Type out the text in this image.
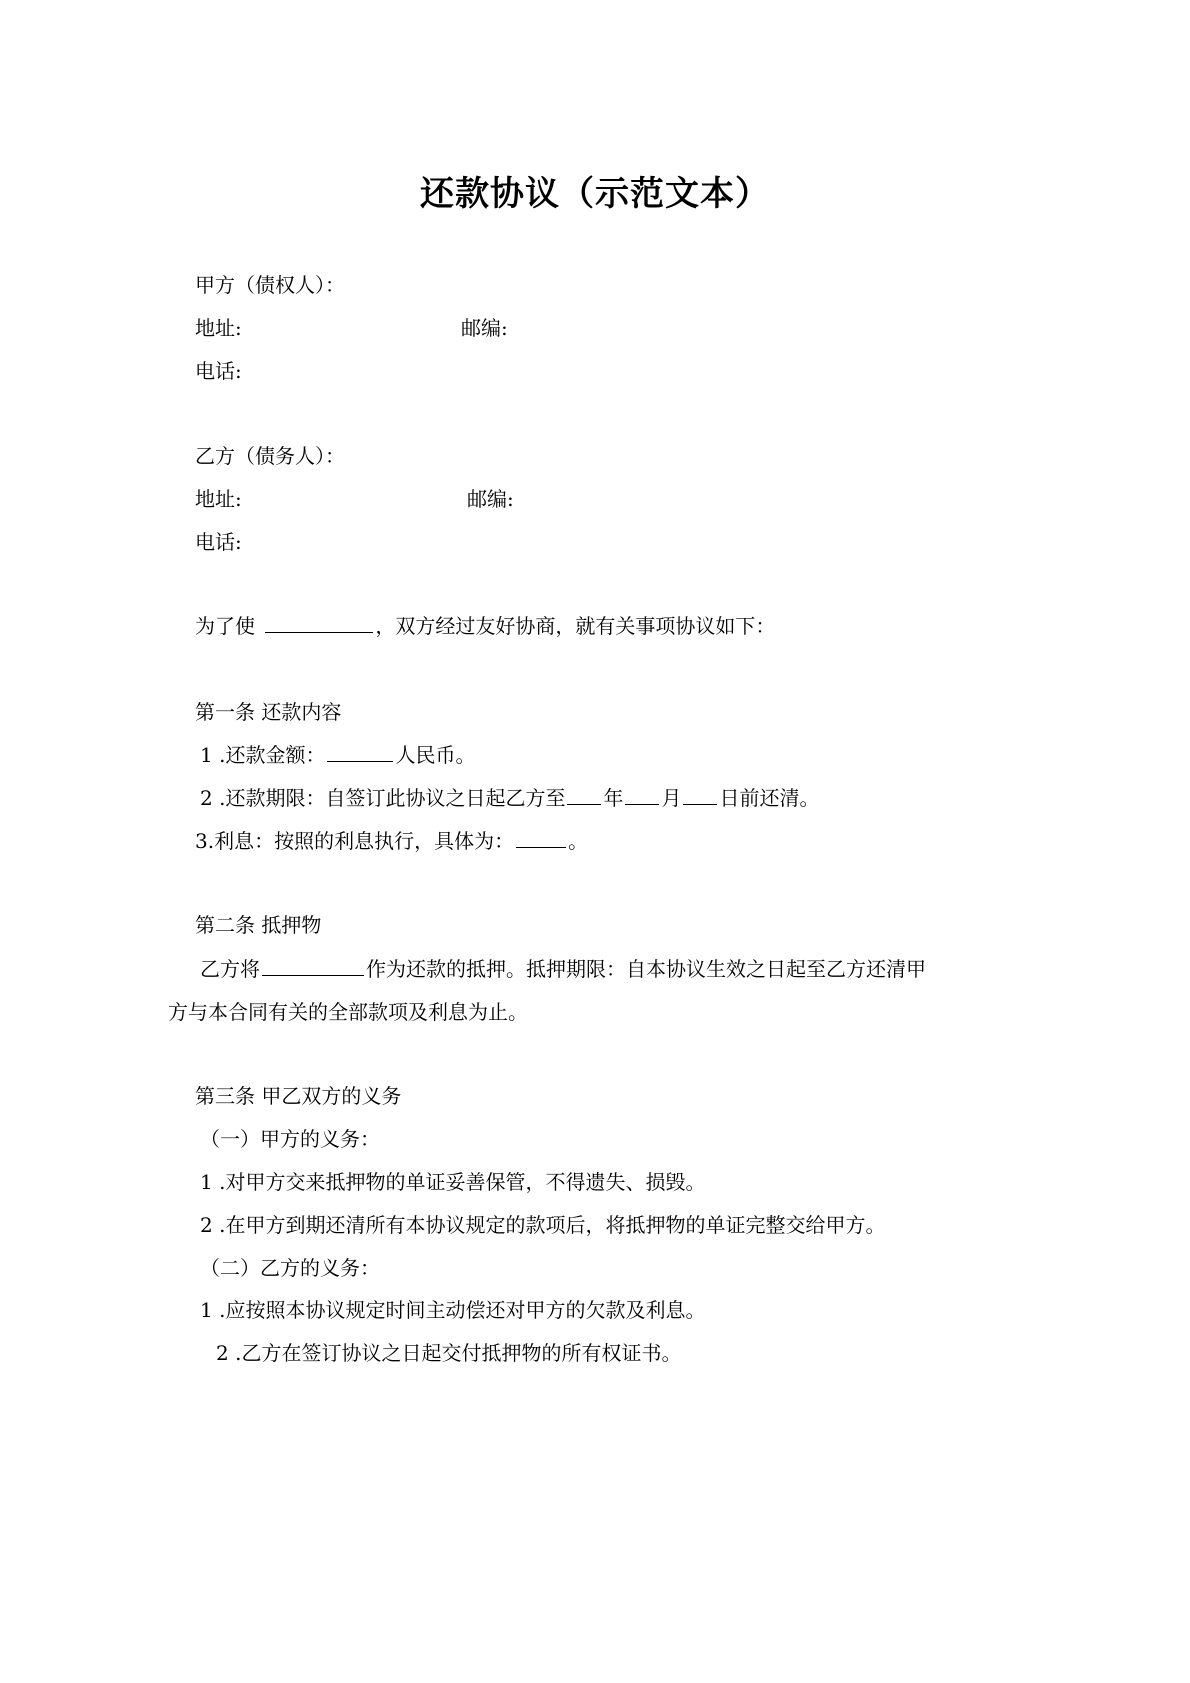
还款协议（示范文本）
甲方（债权人）：
地址:	邮编:
电话:
乙方（债务人）：
地址:	邮编:
电话:
为了使	，双方经过友好协商，就有关事项协议如下：
第一条 还款内容
1 .还款金额：	人民币。
2 .还款期限：自签订此协议之日起乙方至 年 月 日前还清。
3.利息：按照的利息执行，具体为：	。
第二条 抵押物
乙方将	作为还款的抵押。抵押期限：自本协议生效之日起至乙方还清甲
方与本合同有关的全部款项及利息为止。
第三条 甲乙双方的义务
（一）甲方的义务：
1 .对甲方交来抵押物的单证妥善保管，不得遗失、损毁。
2 .在甲方到期还清所有本协议规定的款项后，将抵押物的单证完整交给甲方。
（二）乙方的义务：
1 .应按照本协议规定时间主动偿还对甲方的欠款及利息。
2 .乙方在签订协议之日起交付抵押物的所有权证书。
